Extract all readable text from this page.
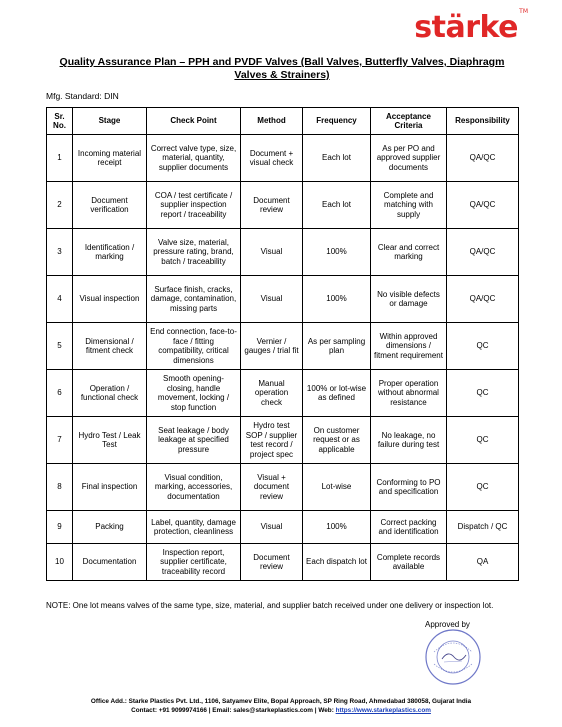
stärke TM
Quality Assurance Plan – PPH and PVDF Valves (Ball Valves, Butterfly Valves, Diaphragm Valves & Strainers)
Mfg. Standard: DIN
Sr. No.	Stage	Check Point	Method	Frequency	Acceptance Criteria	Responsibility
1	Incoming material receipt	Correct valve type, size, material, quantity, supplier documents	Document + visual check	Each lot	As per PO and approved supplier documents	QA/QC
2	Document verification	COA / test certificate / supplier inspection report / traceability	Document review	Each lot	Complete and matching with supply	QA/QC
3	Identification / marking	Valve size, material, pressure rating, brand, batch / traceability	Visual	100%	Clear and correct marking	QA/QC
4	Visual inspection	Surface finish, cracks, damage, contamination, missing parts	Visual	100%	No visible defects or damage	QA/QC
5	Dimensional / fitment check	End connection, face-to-face / fitting compatibility, critical dimensions	Vernier / gauges / trial fit	As per sampling plan	Within approved dimensions / fitment requirement	QC
6	Operation / functional check	Smooth opening-closing, handle movement, locking / stop function	Manual operation check	100% or lot-wise as defined	Proper operation without abnormal resistance	QC
7	Hydro Test / Leak Test	Seat leakage / body leakage at specified pressure	Hydro test SOP / supplier test record / project spec	On customer request or as applicable	No leakage, no failure during test	QC
8	Final inspection	Visual condition, marking, accessories, documentation	Visual + document review	Lot-wise	Conforming to PO and specification	QC
9	Packing	Label, quantity, damage protection, cleanliness	Visual	100%	Correct packing and identification	Dispatch / QC
10	Documentation	Inspection report, supplier certificate, traceability record	Document review	Each dispatch lot	Complete records available	QA
NOTE: One lot means valves of the same type, size, material, and supplier batch received under one delivery or inspection lot.
Approved by
Office Add.: Starke Plastics Pvt. Ltd., 1106, Satyamev Elite, Bopal Approach, SP Ring Road, Ahmedabad 380058, Gujarat India
Contact: +91 9099974166 | Email: sales@starkeplastics.com | Web: https://www.starkeplastics.com
